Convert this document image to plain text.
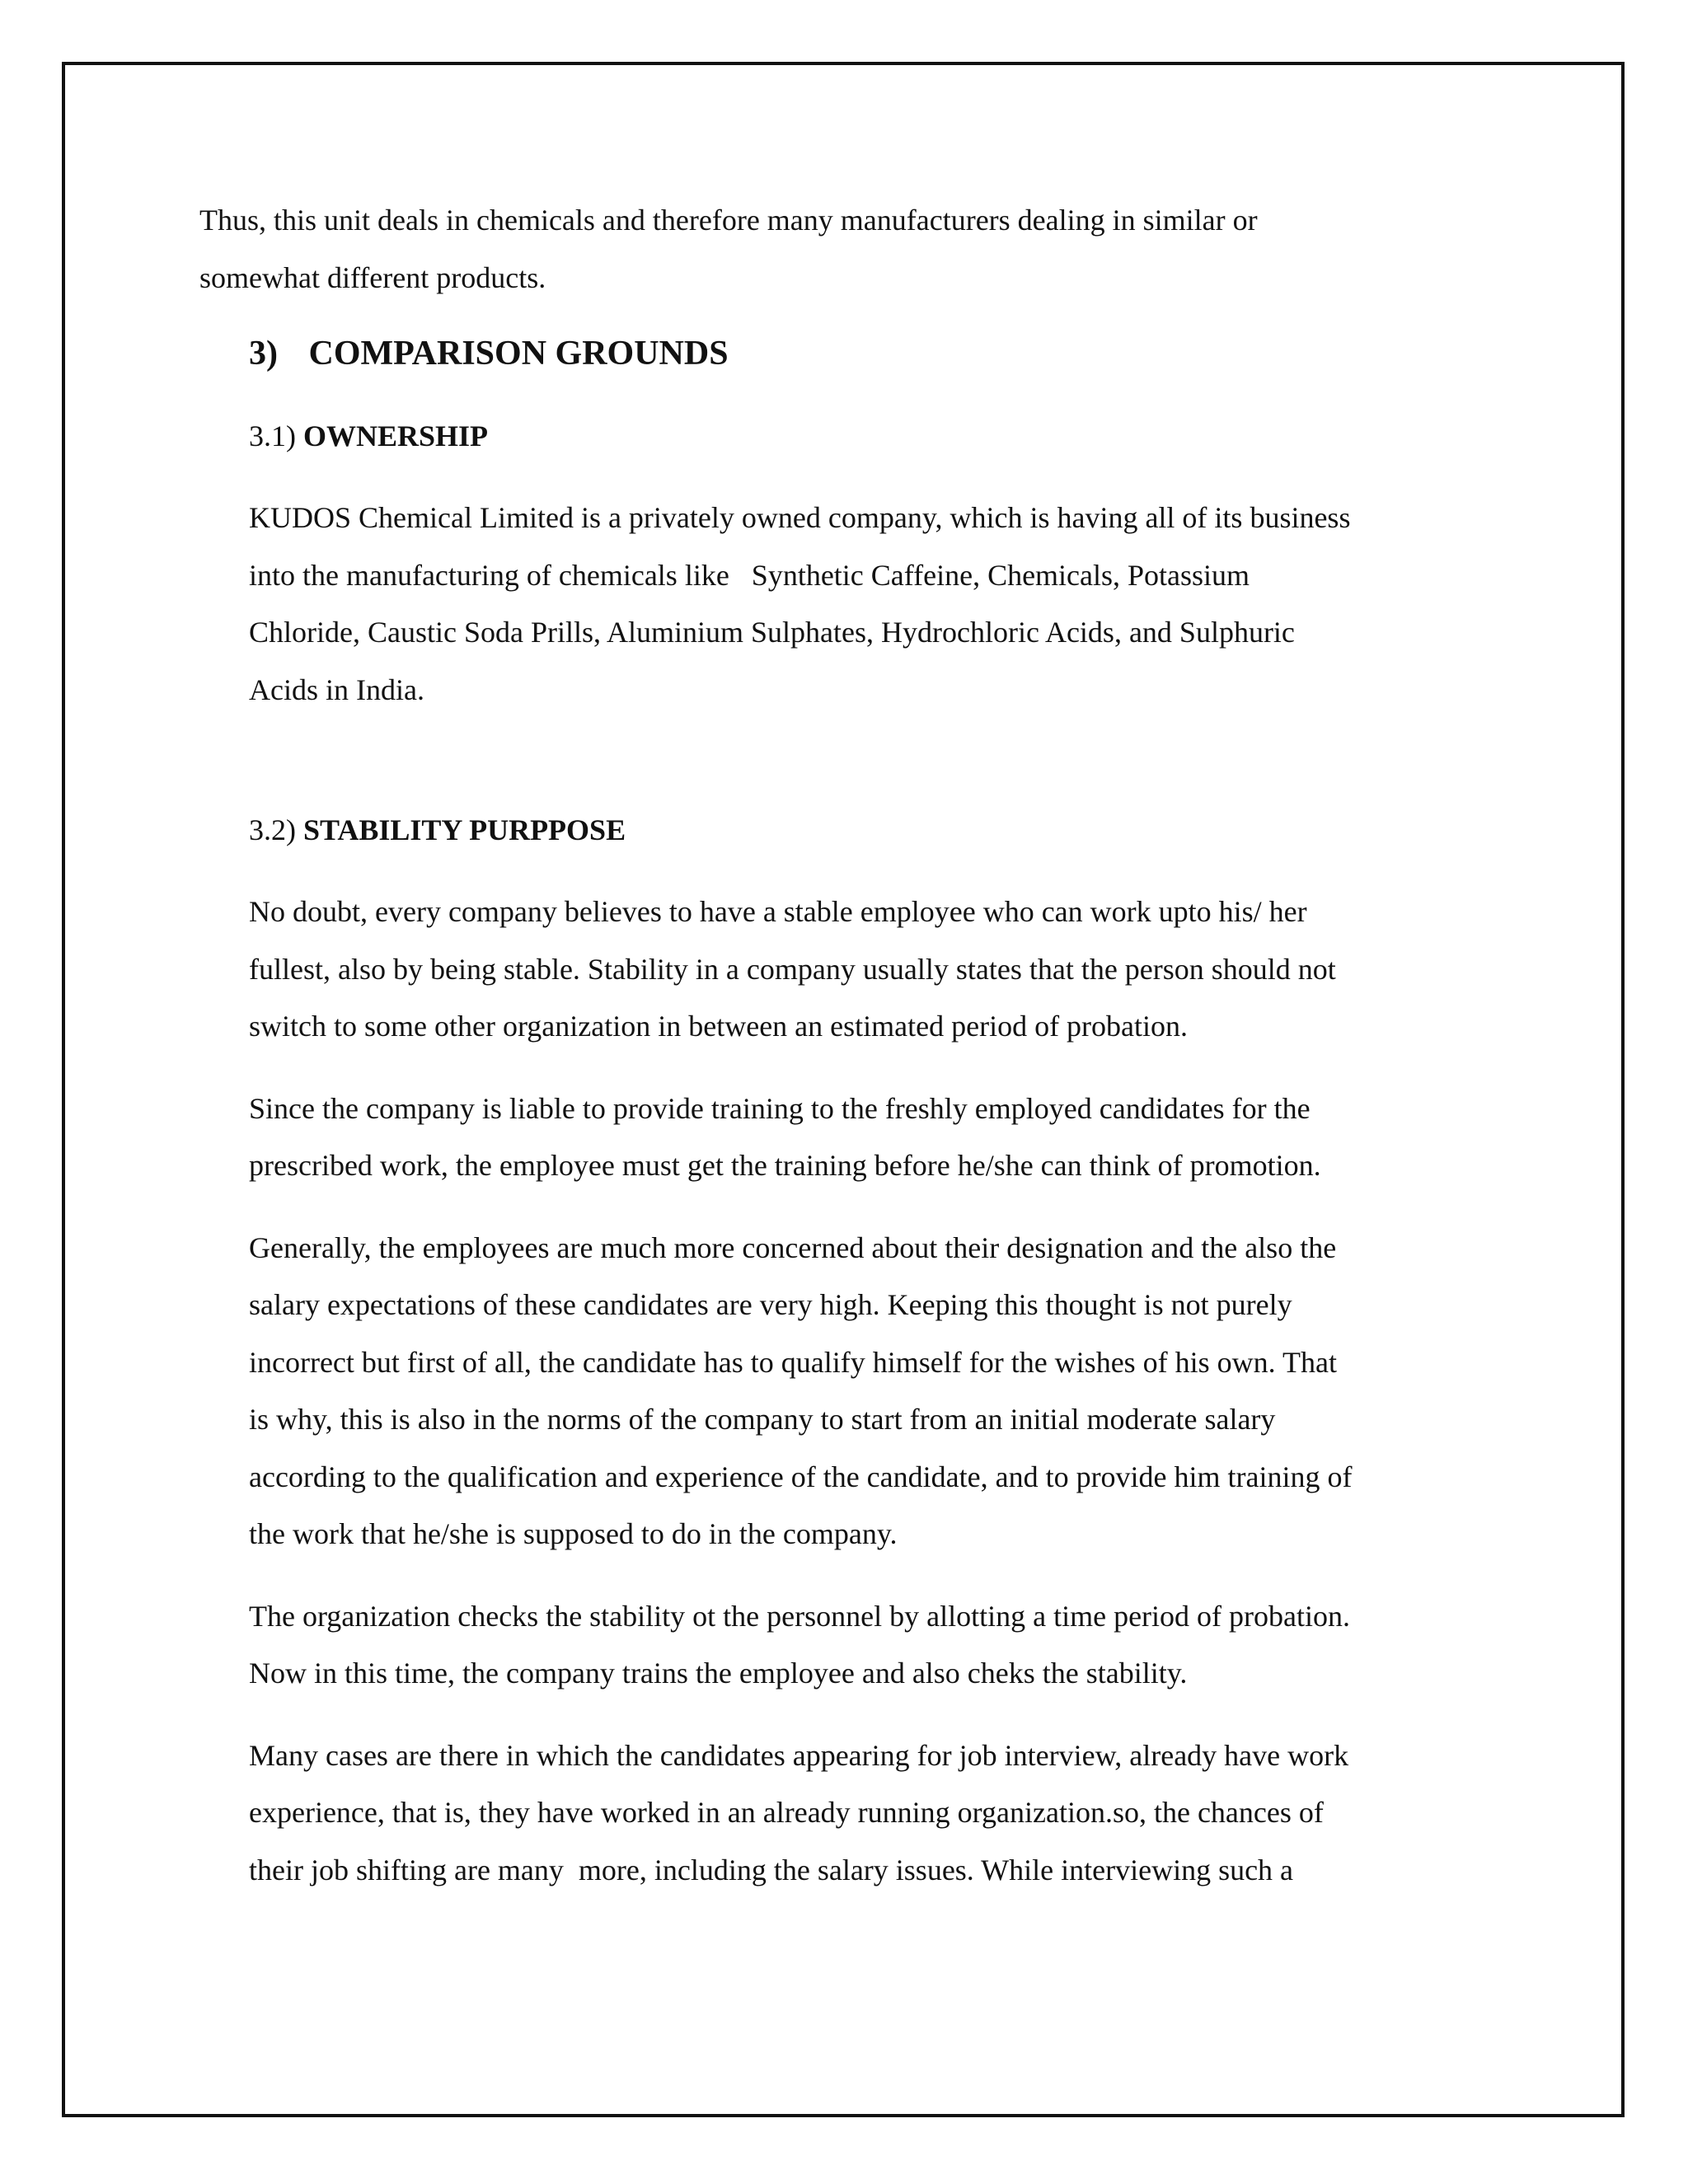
Thus, this unit deals in chemicals and therefore many manufacturers dealing in similar or
somewhat different products.

3) COMPARISON GROUNDS

3.1) OWNERSHIP

KUDOS Chemical Limited is a privately owned company, which is having all of its business
into the manufacturing of chemicals like   Synthetic Caffeine, Chemicals, Potassium
Chloride, Caustic Soda Prills, Aluminium Sulphates, Hydrochloric Acids, and Sulphuric
Acids in India.

3.2) STABILITY PURPPOSE

No doubt, every company believes to have a stable employee who can work upto his/ her
fullest, also by being stable. Stability in a company usually states that the person should not
switch to some other organization in between an estimated period of probation.

Since the company is liable to provide training to the freshly employed candidates for the
prescribed work, the employee must get the training before he/she can think of promotion.

Generally, the employees are much more concerned about their designation and the also the
salary expectations of these candidates are very high. Keeping this thought is not purely
incorrect but first of all, the candidate has to qualify himself for the wishes of his own. That
is why, this is also in the norms of the company to start from an initial moderate salary
according to the qualification and experience of the candidate, and to provide him training of
the work that he/she is supposed to do in the company.

The organization checks the stability ot the personnel by allotting a time period of probation.
Now in this time, the company trains the employee and also cheks the stability.

Many cases are there in which the candidates appearing for job interview, already have work
experience, that is, they have worked in an already running organization.so, the chances of
their job shifting are many  more, including the salary issues. While interviewing such a
